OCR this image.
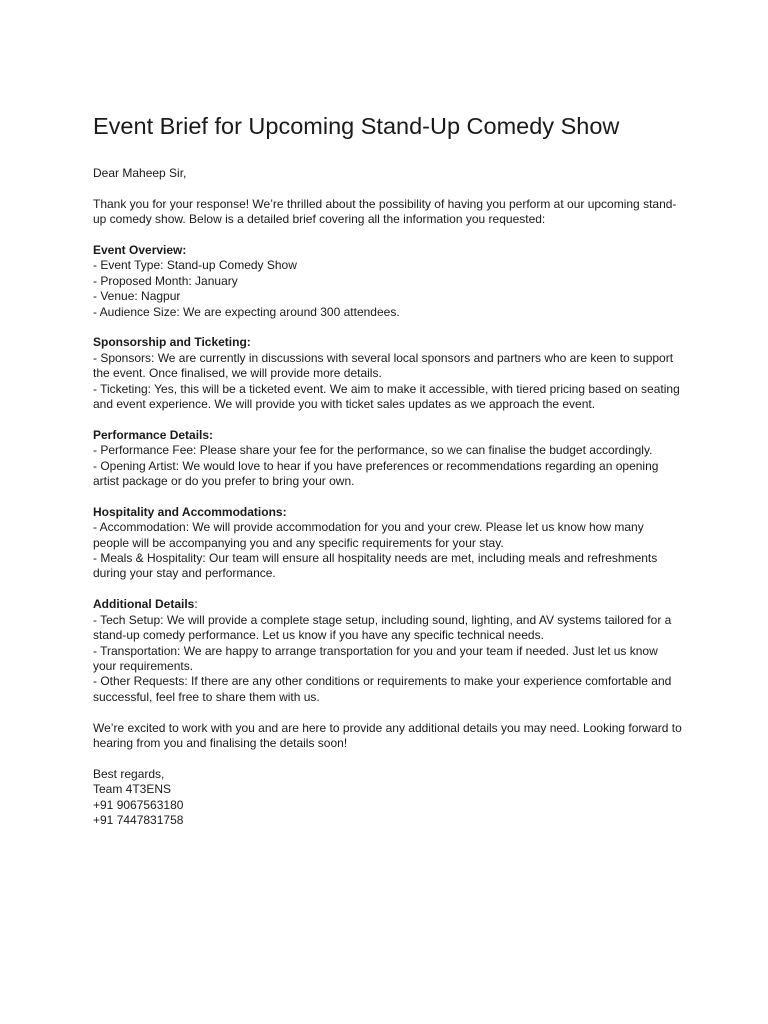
Event Brief for Upcoming Stand-Up Comedy Show

Dear Maheep Sir,

Thank you for your response! We’re thrilled about the possibility of having you perform at our upcoming stand-up comedy show. Below is a detailed brief covering all the information you requested:

Event Overview:
- Event Type: Stand-up Comedy Show
- Proposed Month: January
- Venue: Nagpur
- Audience Size: We are expecting around 300 attendees.
Sponsorship and Ticketing:
- Sponsors: We are currently in discussions with several local sponsors and partners who are keen to support the event. Once finalised, we will provide more details.
- Ticketing: Yes, this will be a ticketed event. We aim to make it accessible, with tiered pricing based on seating and event experience. We will provide you with ticket sales updates as we approach the event.
Performance Details:
- Performance Fee: Please share your fee for the performance, so we can finalise the budget accordingly.
- Opening Artist: We would love to hear if you have preferences or recommendations regarding an opening artist package or do you prefer to bring your own.
Hospitality and Accommodations:
- Accommodation: We will provide accommodation for you and your crew. Please let us know how many people will be accompanying you and any specific requirements for your stay.
- Meals & Hospitality: Our team will ensure all hospitality needs are met, including meals and refreshments during your stay and performance.
Additional Details:
- Tech Setup: We will provide a complete stage setup, including sound, lighting, and AV systems tailored for a stand-up comedy performance. Let us know if you have any specific technical needs.
- Transportation: We are happy to arrange transportation for you and your team if needed. Just let us know your requirements.
- Other Requests: If there are any other conditions or requirements to make your experience comfortable and successful, feel free to share them with us.

We’re excited to work with you and are here to provide any additional details you may need. Looking forward to hearing from you and finalising the details soon!

Best regards,
Team 4T3ENS
+91 9067563180
+91 7447831758
